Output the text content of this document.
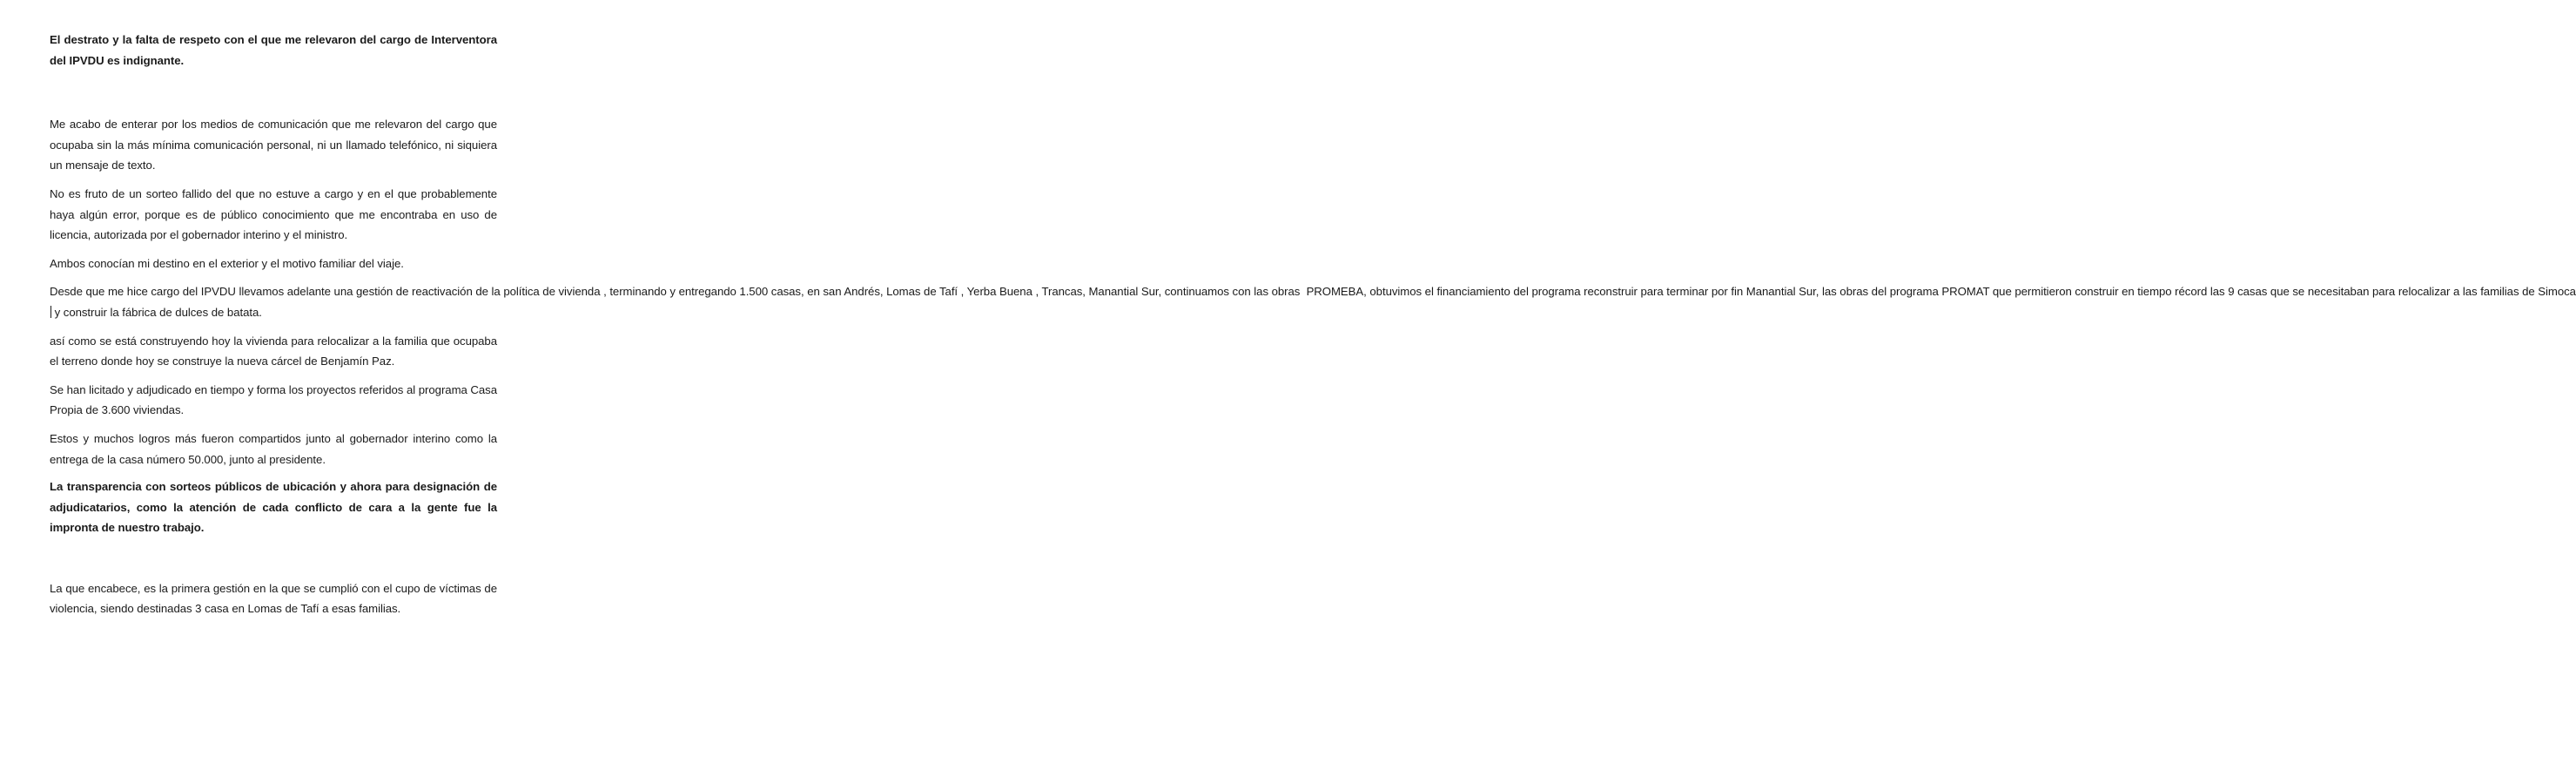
El destrato y la falta de respeto con el que me relevaron del cargo de Interventora del IPVDU es indignante.

Me acabo de enterar por los medios de comunicación que me relevaron del cargo que ocupaba sin la más mínima comunicación personal, ni un llamado telefónico, ni siquiera un mensaje de texto.

No es fruto de un sorteo fallido del que no estuve a cargo y en el que probablemente haya algún error, porque es de público conocimiento que me encontraba en uso de licencia, autorizada por el gobernador interino y el ministro.

Ambos conocían mi destino en el exterior y el motivo familiar del viaje.

Desde que me hice cargo del IPVDU llevamos adelante una gestión de reactivación de la política de vivienda , terminando y entregando 1.500 casas, en san Andrés, Lomas de Tafí , Yerba Buena , Trancas, Manantial Sur, continuamos con las obras  PROMEBA, obtuvimos el financiamiento del programa reconstruir para terminar por fin Manantial Sur, las obras del programa PROMAT que permitieron construir en tiempo récord las 9 casas que se necesitaban para relocalizar a las familias de Simoca y construir la fábrica de dulces de batata.

así como se está construyendo hoy la vivienda para relocalizar a la familia que ocupaba el terreno donde hoy se construye la nueva cárcel de Benjamín Paz.

Se han licitado y adjudicado en tiempo y forma los proyectos referidos al programa Casa Propia de 3.600 viviendas.

Estos y muchos logros más fueron compartidos junto al gobernador interino como la entrega de la casa número 50.000, junto al presidente.

La transparencia con sorteos públicos de ubicación y ahora para designación de adjudicatarios, como la atención de cada conflicto de cara a la gente fue la impronta de nuestro trabajo.

La que encabece, es la primera gestión en la que se cumplió con el cupo de víctimas de violencia, siendo destinadas 3 casa en Lomas de Tafí a esas familias.
